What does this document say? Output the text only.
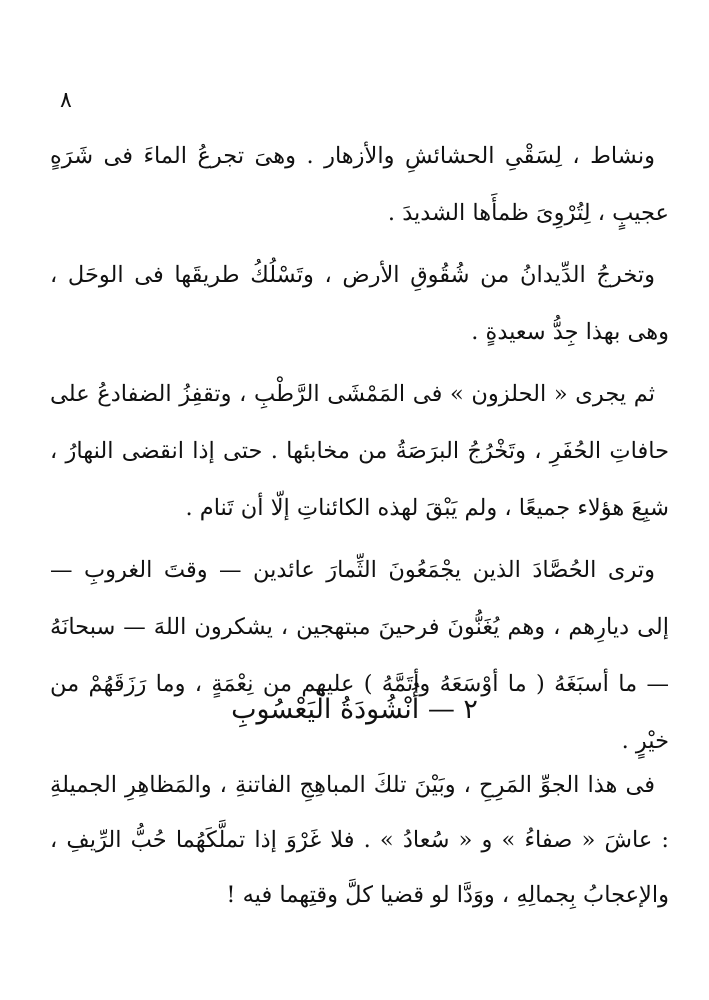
٨

ونشاط ، لِسَقْىِ الحشائشِ والأزهار . وهىَ تجرعُ الماءَ فى شَرَهٍ عجيبٍ ، لِتُرْوِىَ ظمأَها الشديدَ .

وتخرجُ الدِّيدانُ من شُقُوقِ الأرض ، وتَسْلُكُ طريقَها فى الوحَل ، وهى بهذا جِدُّ سعيدةٍ .

ثم يجرى « الحلزون » فى المَمْشَى الرَّطْبِ ، وتقفِزُ الضفادعُ على حافاتِ الحُفَرِ ، وتَخْرُجُ البرَصَةُ من مخابئها . حتى إذا انقضى النهارُ ، شبِعَ هؤلاء جميعًا ، ولم يَبْقَ لهذه الكائناتِ إلّا أن تَنام .

وترى الحُصَّادَ الذين يجْمَعُونَ الثِّمارَ عائدين — وقتَ الغروبِ — إلى ديارِهم ، وهم يُغَنُّونَ فرحينَ مبتهجين ، يشكرون اللهَ — سبحانَهُ — ما أسبَغَهُ ( ما أوْسَعَهُ وأتَمَّهُ ) عليهم من نِعْمَةٍ ، وما رَزَقَهُمْ من خيْرٍ .

٢ — أُنْشُودَةُ الْيَعْسُوبِ

فى هذا الجوِّ المَرِحِ ، وبَيْنَ تلكَ المباهِجِ الفاتنةِ ، والمَظاهِرِ الجميلةِ : عاشَ « صفاءُ » و « سُعادُ » . فلا غَرْوَ إذا تملَّكَهُما حُبُّ الرِّيفِ ، والإعجابُ بِجمالِهِ ، ووَدَّا لو قضيا كلَّ وقتِهما فيه !
